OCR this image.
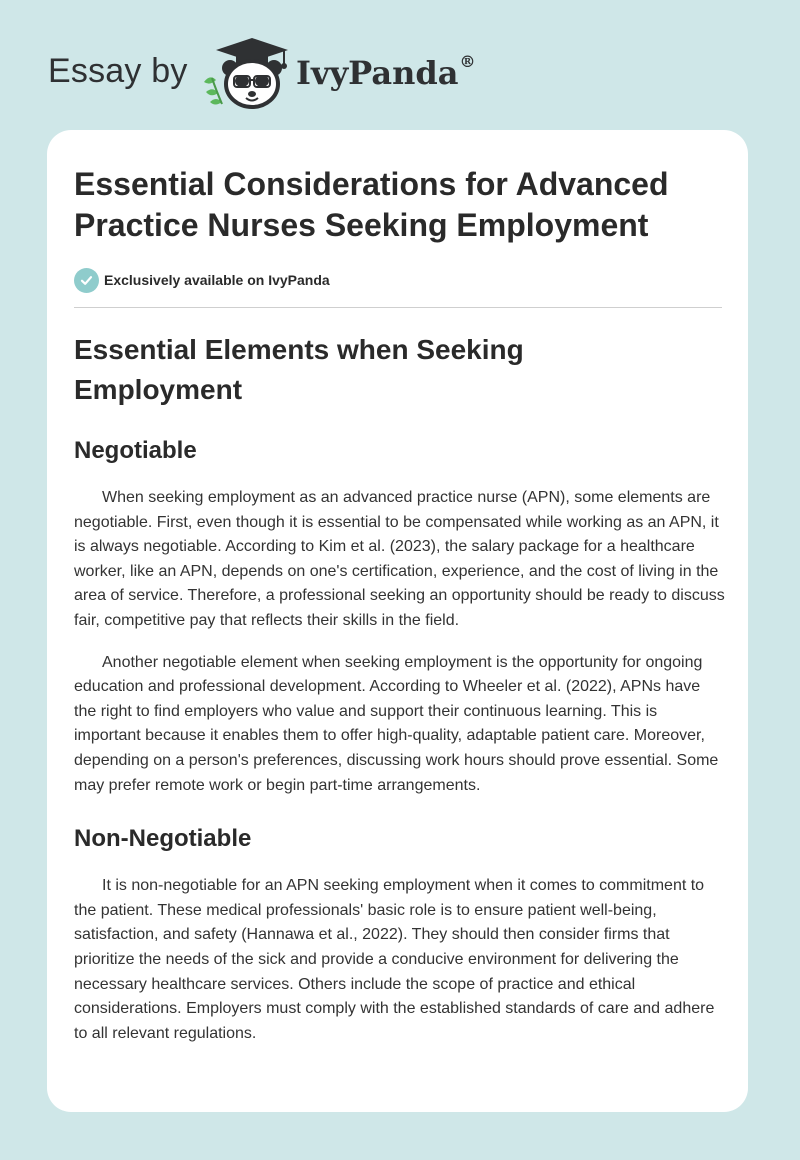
Essay by	IvyPanda®
Essential Considerations for Advanced Practice Nurses Seeking Employment
Exclusively available on IvyPanda
Essential Elements when Seeking Employment
Negotiable

When seeking employment as an advanced practice nurse (APN), some elements are negotiable. First, even though it is essential to be compensated while working as an APN, it is always negotiable. According to Kim et al. (2023), the salary package for a healthcare worker, like an APN, depends on one's certification, experience, and the cost of living in the area of service. Therefore, a professional seeking an opportunity should be ready to discuss fair, competitive pay that reflects their skills in the field.

Another negotiable element when seeking employment is the opportunity for ongoing education and professional development. According to Wheeler et al. (2022), APNs have the right to find employers who value and support their continuous learning. This is important because it enables them to offer high-quality, adaptable patient care. Moreover, depending on a person's preferences, discussing work hours should prove essential. Some may prefer remote work or begin part-time arrangements.

Non-Negotiable

It is non-negotiable for an APN seeking employment when it comes to commitment to the patient. These medical professionals' basic role is to ensure patient well-being, satisfaction, and safety (Hannawa et al., 2022). They should then consider firms that prioritize the needs of the sick and provide a conducive environment for delivering the necessary healthcare services. Others include the scope of practice and ethical considerations. Employers must comply with the established standards of care and adhere to all relevant regulations.
